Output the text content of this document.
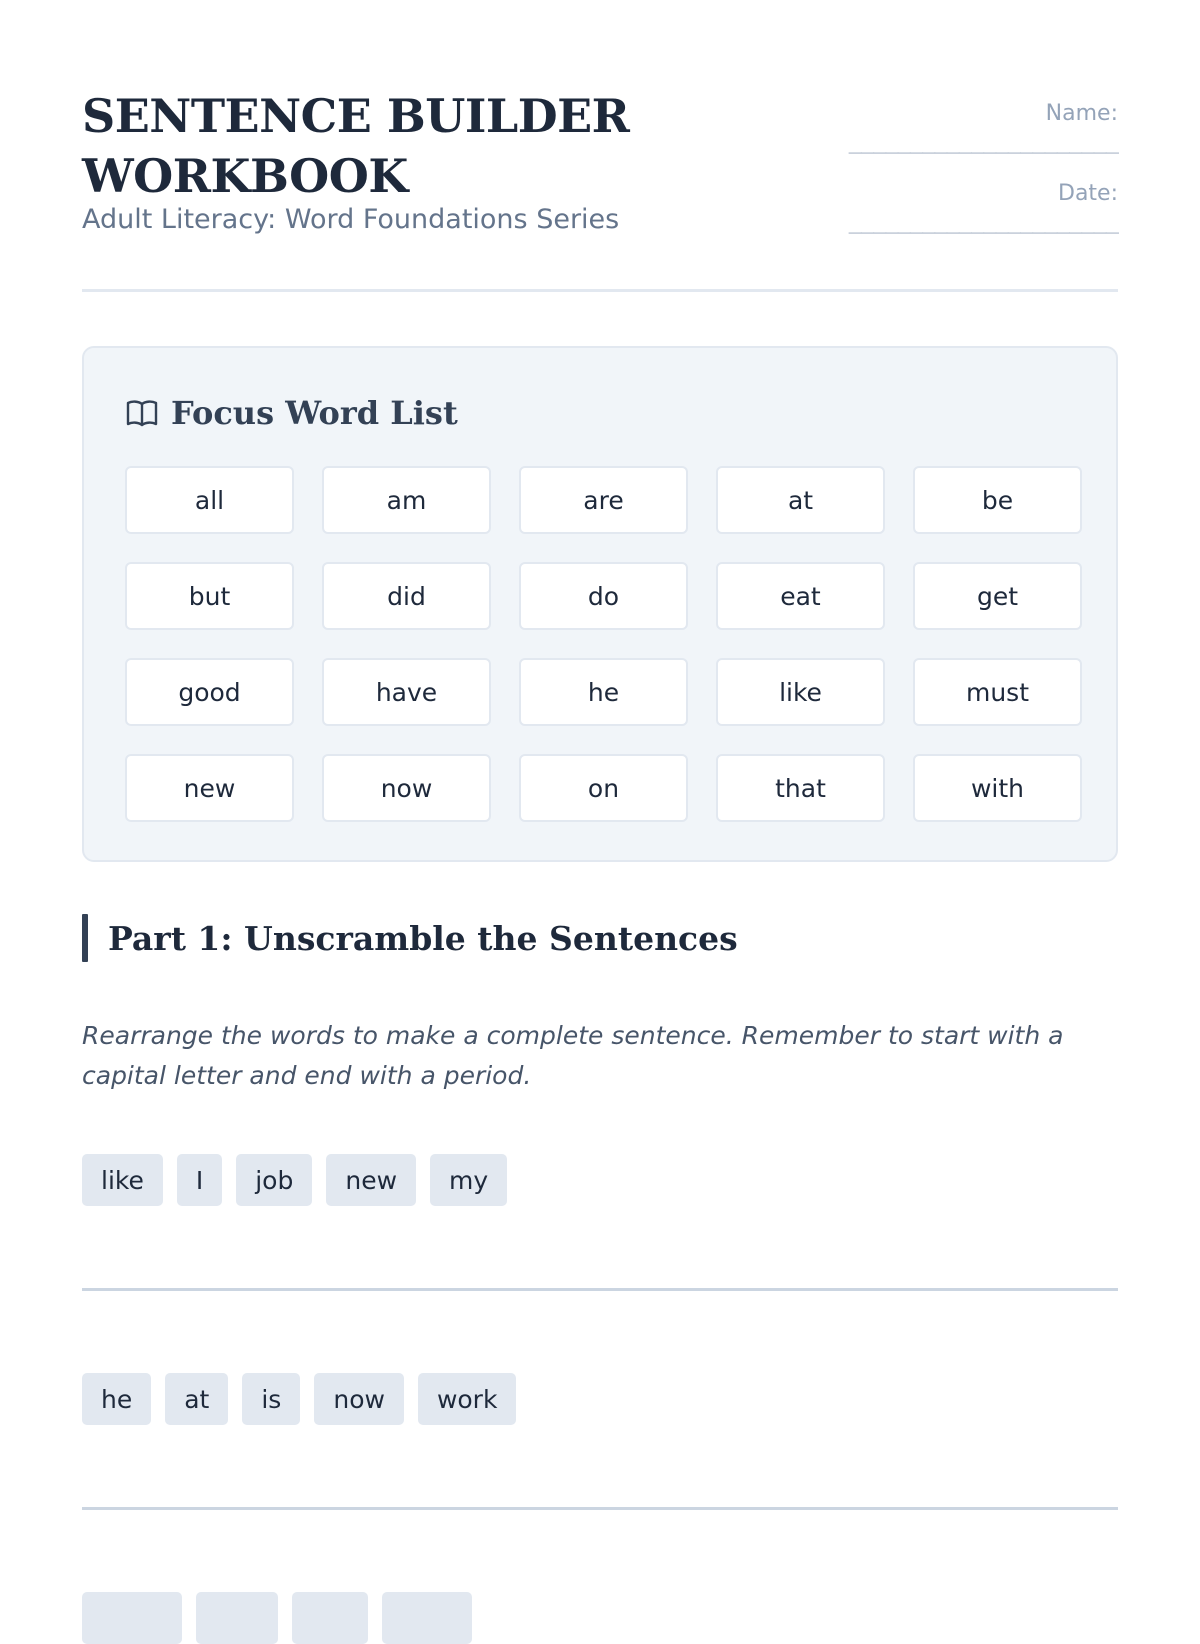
SENTENCE BUILDER WORKBOOK
Adult Literacy: Word Foundations Series
Name:
______________________
Date:
______________________
Focus Word List
all	am	are	at	be
but	did	do	eat	get
good	have	he	like	must
new	now	on	that	with
Part 1: Unscramble the Sentences
Rearrange the words to make a complete sentence. Remember to start with a capital letter and end with a period.
like	I	job	new	my
he	at	is	now	work
